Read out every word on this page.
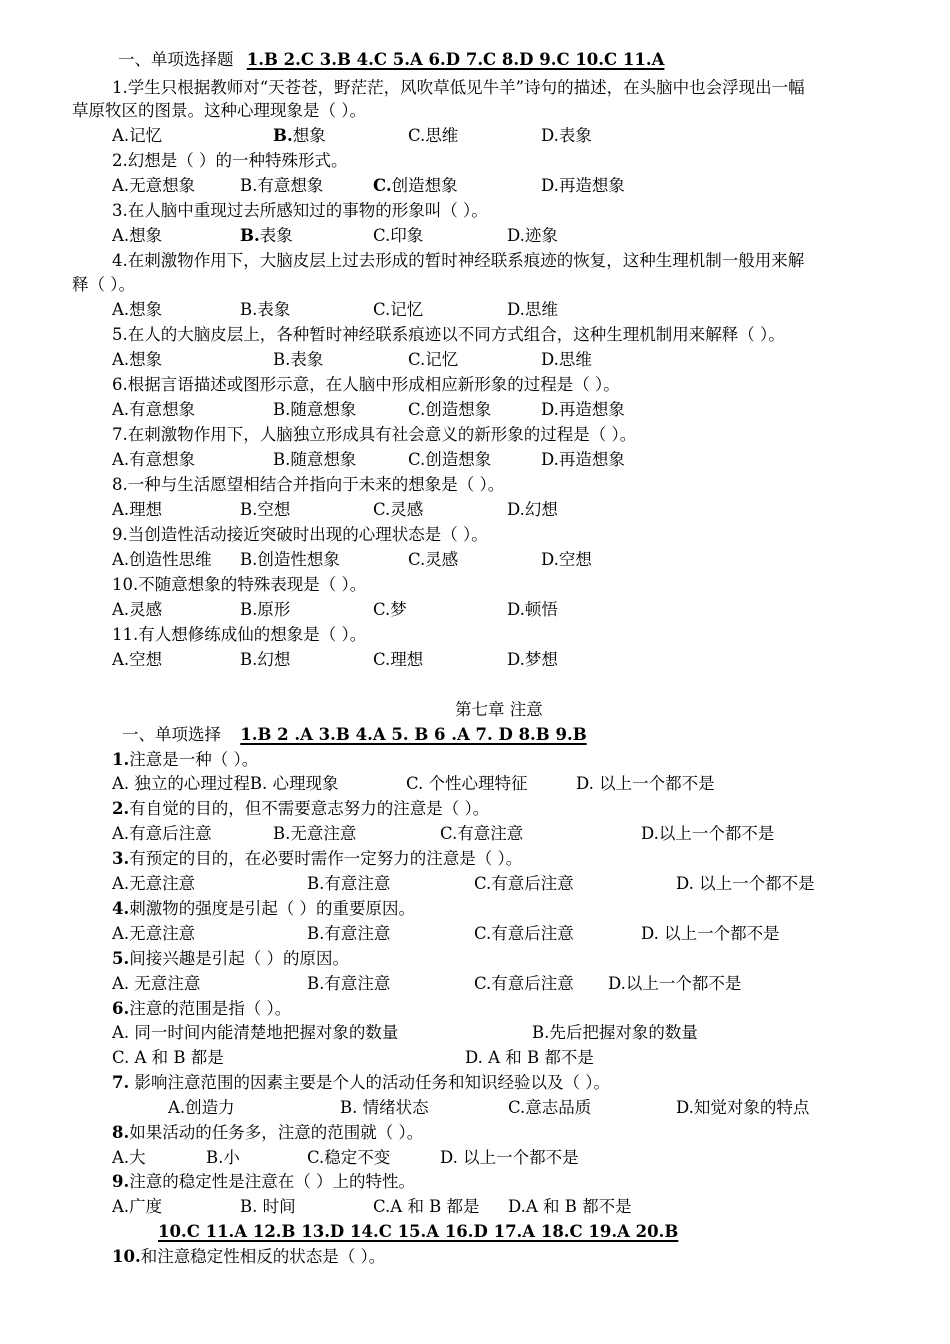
一、单项选择题 1.B 2.C 3.B 4.C 5.A 6.D 7.C 8.D 9.C 10.C 11.A
1.学生只根据教师对“天苍苍，野茫茫，风吹草低见牛羊”诗句的描述，在头脑中也会浮现出一幅
草原牧区的图景。这种心理现象是（ ）。
A.记忆	B.想象	C.思维	D.表象
2.幻想是（ ）的一种特殊形式。
A.无意想象	B.有意想象	C.创造想象	D.再造想象
3.在人脑中重现过去所感知过的事物的形象叫（ ）。
A.想象	B.表象	C.印象	D.迹象
4.在刺激物作用下，大脑皮层上过去形成的暂时神经联系痕迹的恢复，这种生理机制一般用来解
释（ ）。
A.想象	B.表象	C.记忆	D.思维
5.在人的大脑皮层上，各种暂时神经联系痕迹以不同方式组合，这种生理机制用来解释（ ）。
A.想象	B.表象	C.记忆	D.思维
6.根据言语描述或图形示意，在人脑中形成相应新形象的过程是（ ）。
A.有意想象	B.随意想象	C.创造想象	D.再造想象
7.在刺激物作用下，人脑独立形成具有社会意义的新形象的过程是（ ）。
A.有意想象	B.随意想象	C.创造想象	D.再造想象
8.一种与生活愿望相结合并指向于未来的想象是（ ）。
A.理想	B.空想	C.灵感	D.幻想
9.当创造性活动接近突破时出现的心理状态是（ ）。
A.创造性思维 B.创造性想象	C.灵感	D.空想
10.不随意想象的特殊表现是（ ）。
A.灵感	B.原形	C.梦	D.顿悟
11.有人想修练成仙的想象是（ ）。
A.空想	B.幻想	C.理想	D.梦想
第七章 注意
一、单项选择 1.B 2 .A 3.B 4.A 5. B 6 .A 7. D 8.B 9.B
1.注意是一种（ ）。
A. 独立的心理过程B. 心理现象	C. 个性心理特征	D. 以上一个都不是
2.有自觉的目的，但不需要意志努力的注意是（ ）。
A.有意后注意	B.无意注意	C.有意注意	D.以上一个都不是
3.有预定的目的，在必要时需作一定努力的注意是（ ）。
A.无意注意	B.有意注意	C.有意后注意	D. 以上一个都不是
4.刺激物的强度是引起（ ）的重要原因。
A.无意注意	B.有意注意	C.有意后注意	D. 以上一个都不是
5.间接兴趣是引起（ ）的原因。
A. 无意注意	B.有意注意	C.有意后注意 D.以上一个都不是
6.注意的范围是指（ ）。
A. 同一时间内能清楚地把握对象的数量	B.先后把握对象的数量
C. A 和 B 都是	D. A 和 B 都不是
7. 影响注意范围的因素主要是个人的活动任务和知识经验以及（ ）。
A.创造力	B. 情绪状态	C.意志品质	D.知觉对象的特点
8.如果活动的任务多，注意的范围就（ ）。
A.大	B.小	C.稳定不变	D. 以上一个都不是
9.注意的稳定性是注意在（ ）上的特性。
A.广度	B. 时间	C.A 和 B 都是 D.A 和 B 都不是
10.C 11.A 12.B 13.D 14.C 15.A 16.D 17.A 18.C 19.A 20.B
10.和注意稳定性相反的状态是（ ）。
